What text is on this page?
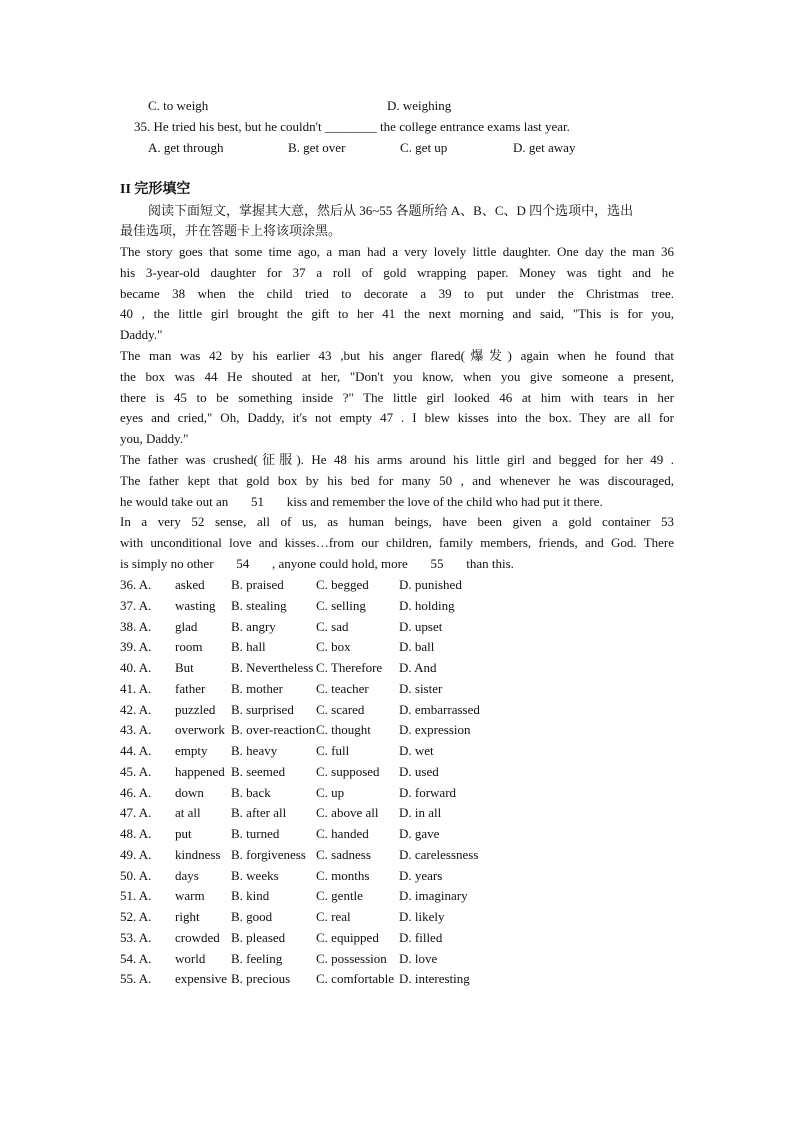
C. to weigh	D. weighing
35. He tried his best, but he couldn't ________ the college entrance exams last year.
A. get through	B. get over	C. get up	D. get away
II 完形填空
阅读下面短文，掌握其大意，然后从 36~55 各题所给 A、B、C、D 四个选项中，选出
最佳选项，并在答题卡上将该项涂黑。
The story goes that some time ago, a man had a very lovely little daughter. One day the man 36
his 3-year-old daughter for 37 a roll of gold wrapping paper. Money was tight and he
became 38 when the child tried to decorate a 39 to put under the Christmas tree.
40 , the little girl brought the gift to her 41 the next morning and said, "This is for you,
Daddy."
The man was 42 by his earlier 43 ,but his anger flared(爆发) again when he found that
the box was 44 He shouted at her, "Don't you know, when you give someone a present,
there is 45 to be something inside ?" The little girl looked 46 at him with tears in her
eyes and cried," Oh, Daddy, it's not empty 47 . I blew kisses into the box. They are all for
you, Daddy."
The father was crushed(征服). He 48 his arms around his little girl and begged for her 49 .
The father kept that gold box by his bed for many 50 , and whenever he was discouraged,
he would take out an       51       kiss and remember the love of the child who had put it there.
In a very 52 sense, all of us, as human beings, have been given a gold container 53
with unconditional love and kisses…from our children, family members, friends, and God. There
is simply no other       54       , anyone could hold, more       55       than this.
36. A. asked B. praised C. begged D. punished
37. A. wasting B. stealing C. selling	D. holding
38. A. glad	B. angry	C. sad	D. upset
39. A. room B. hall	C. box	D. ball
40. A. But	B. Nevertheless C. Therefore D. And
41. A. father B. mother	C. teacher D. sister
42. A. puzzled B. surprised C. scared	D. embarrassed
43. A. overwork B. over-reaction C. thought D. expression
44. A. empty B. heavy	C. full	D. wet
45. A. happened B. seemed C. supposed D. used
46. A. down B. back	C. up	D. forward
47. A. at all B. after all C. above all D. in all
48. A. put	B. turned	C. handed D. gave
49. A. kindness B. forgiveness C. sadness D. carelessness
50. A. days B. weeks	C. months D. years
51. A. warm B. kind	C. gentle	D. imaginary
52. A. right B. good	C. real	D. likely
53. A. crowded B. pleased C. equipped D. filled
54. A. world B. feeling	C. possession D. love
55. A. expensive B. precious C. comfortable D. interesting
